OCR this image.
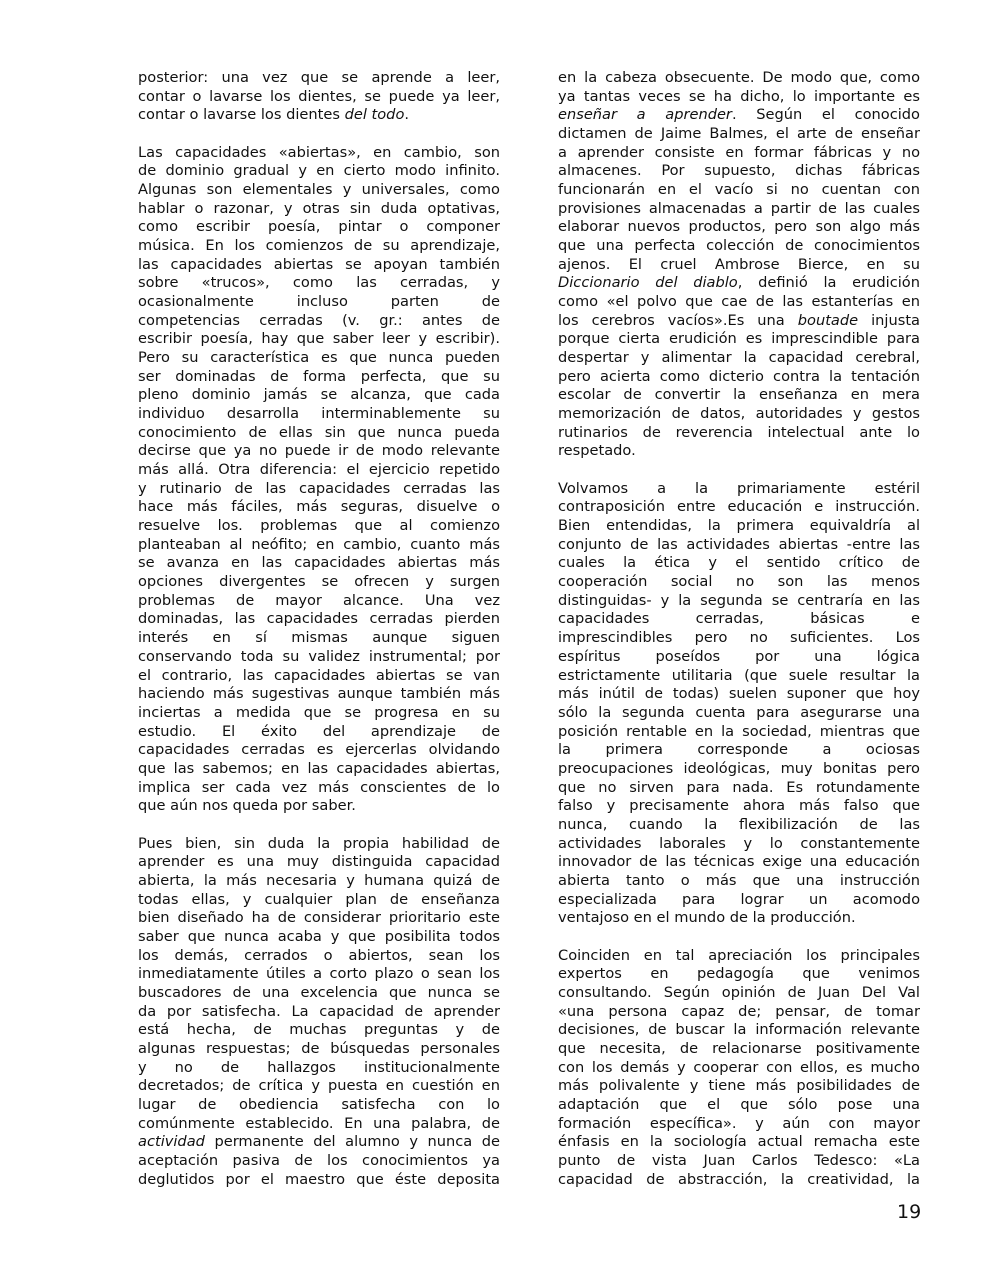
posterior: una vez que se aprende a leer,
contar o lavarse los dientes, se puede ya leer,
contar o lavarse los dientes del todo.
Las capacidades «abiertas», en cambio, son
de dominio gradual y en cierto modo infinito.
Algunas son elementales y universales, como
hablar o razonar, y otras sin duda optativas,
como escribir poesía, pintar o componer
música. En los comienzos de su aprendizaje,
las capacidades abiertas se apoyan también
sobre «trucos», como las cerradas, y
ocasionalmente incluso parten de
competencias cerradas (v. gr.: antes de
escribir poesía, hay que saber leer y escribir).
Pero su característica es que nunca pueden
ser dominadas de forma perfecta, que su
pleno dominio jamás se alcanza, que cada
individuo desarrolla interminablemente su
conocimiento de ellas sin que nunca pueda
decirse que ya no puede ir de modo relevante
más allá. Otra diferencia: el ejercicio repetido
y rutinario de las capacidades cerradas las
hace más fáciles, más seguras, disuelve o
resuelve los. problemas que al comienzo
planteaban al neófito; en cambio, cuanto más
se avanza en las capacidades abiertas más
opciones divergentes se ofrecen y surgen
problemas de mayor alcance. Una vez
dominadas, las capacidades cerradas pierden
interés en sí mismas aunque siguen
conservando toda su validez instrumental; por
el contrario, las capacidades abiertas se van
haciendo más sugestivas aunque también más
inciertas a medida que se progresa en su
estudio. El éxito del aprendizaje de
capacidades cerradas es ejercerlas olvidando
que las sabemos; en las capacidades abiertas,
implica ser cada vez más conscientes de lo
que aún nos queda por saber.
Pues bien, sin duda la propia habilidad de
aprender es una muy distinguida capacidad
abierta, la más necesaria y humana quizá de
todas ellas, y cualquier plan de enseñanza
bien diseñado ha de considerar prioritario este
saber que nunca acaba y que posibilita todos
los demás, cerrados o abiertos, sean los
inmediatamente útiles a corto plazo o sean los
buscadores de una excelencia que nunca se
da por satisfecha. La capacidad de aprender
está hecha, de muchas preguntas y de
algunas respuestas; de búsquedas personales
y no de hallazgos institucionalmente
decretados; de crítica y puesta en cuestión en
lugar de obediencia satisfecha con lo
comúnmente establecido. En una palabra, de
actividad permanente del alumno y nunca de
aceptación pasiva de los conocimientos ya
deglutidos por el maestro que éste deposita
en la cabeza obsecuente. De modo que, como
ya tantas veces se ha dicho, lo importante es
enseñar a aprender. Según el conocido
dictamen de Jaime Balmes, el arte de enseñar
a aprender consiste en formar fábricas y no
almacenes. Por supuesto, dichas fábricas
funcionarán en el vacío si no cuentan con
provisiones almacenadas a partir de las cuales
elaborar nuevos productos, pero son algo más
que una perfecta colección de conocimientos
ajenos. El cruel Ambrose Bierce, en su
Diccionario del diablo, definió la erudición
como «el polvo que cae de las estanterías en
los cerebros vacíos».Es una boutade injusta
porque cierta erudición es imprescindible para
despertar y alimentar la capacidad cerebral,
pero acierta como dicterio contra la tentación
escolar de convertir la enseñanza en mera
memorización de datos, autoridades y gestos
rutinarios de reverencia intelectual ante lo
respetado.
Volvamos a la primariamente estéril
contraposición entre educación e instrucción.
Bien entendidas, la primera equivaldría al
conjunto de las actividades abiertas -entre las
cuales la ética y el sentido crítico de
cooperación social no son las menos
distinguidas- y la segunda se centraría en las
capacidades cerradas, básicas e
imprescindibles pero no suficientes. Los
espíritus poseídos por una lógica
estrictamente utilitaria (que suele resultar la
más inútil de todas) suelen suponer que hoy
sólo la segunda cuenta para asegurarse una
posición rentable en la sociedad, mientras que
la primera corresponde a ociosas
preocupaciones ideológicas, muy bonitas pero
que no sirven para nada. Es rotundamente
falso y precisamente ahora más falso que
nunca, cuando la flexibilización de las
actividades laborales y lo constantemente
innovador de las técnicas exige una educación
abierta tanto o más que una instrucción
especializada para lograr un acomodo
ventajoso en el mundo de la producción.
Coinciden en tal apreciación los principales
expertos en pedagogía que venimos
consultando. Según opinión de Juan Del Val
«una persona capaz de; pensar, de tomar
decisiones, de buscar la información relevante
que necesita, de relacionarse positivamente
con los demás y cooperar con ellos, es mucho
más polivalente y tiene más posibilidades de
adaptación que el que sólo pose una
formación específica». y aún con mayor
énfasis en la sociología actual remacha este
punto de vista Juan Carlos Tedesco: «La
capacidad de abstracción, la creatividad, la
19
